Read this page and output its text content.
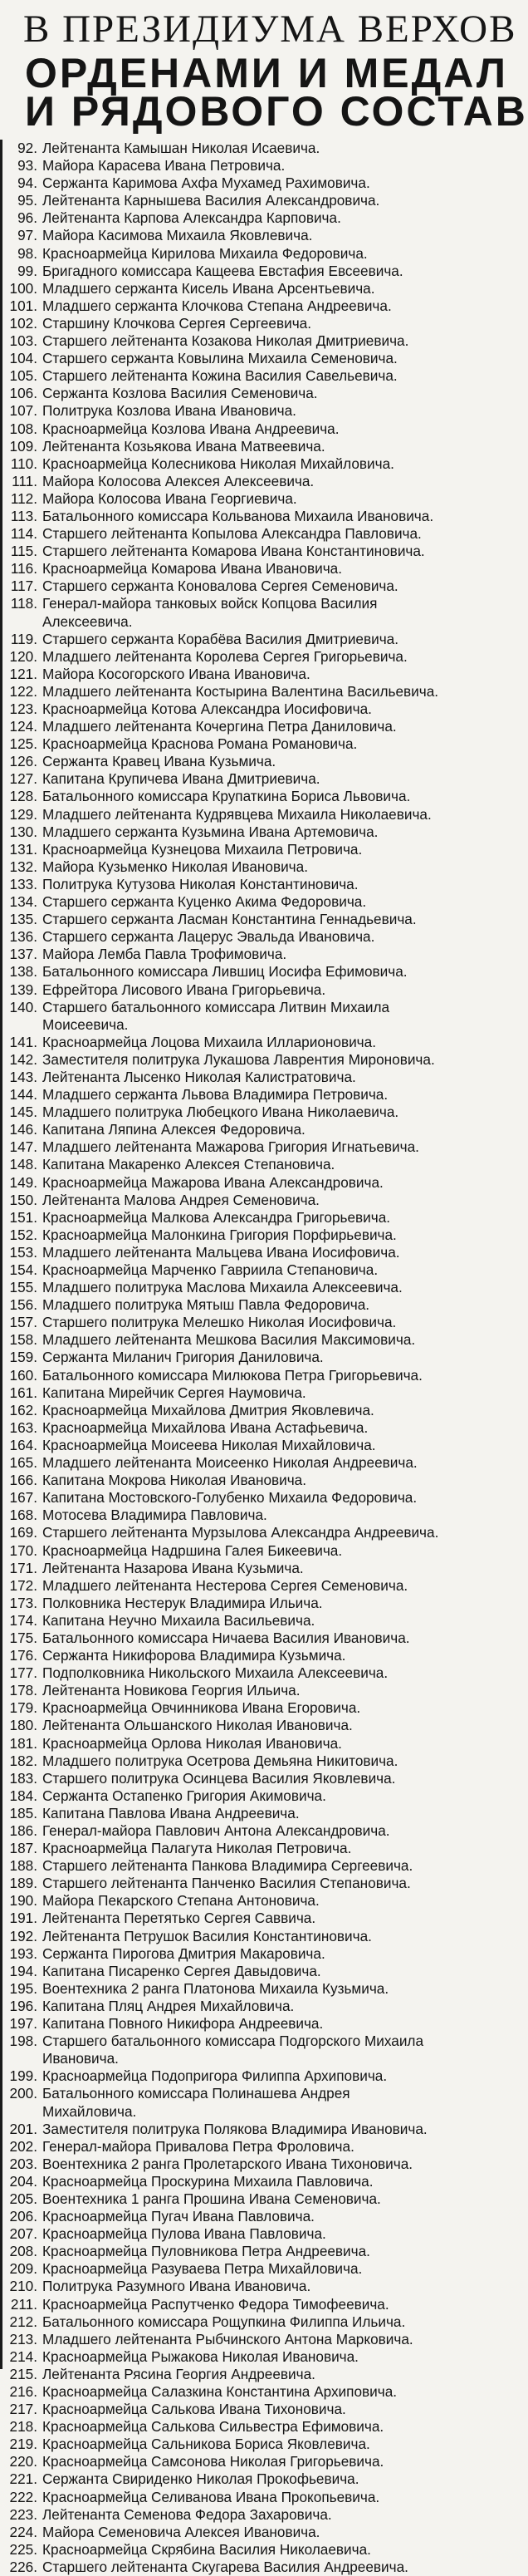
В ПРЕЗИДИУМА ВЕРХОВ
ОРДЕНАМИ И МЕДАЛ
И РЯДОВОГО СОСТАВ
92. Лейтенанта Камышан Николая Исаевича.
93. Майора Карасева Ивана Петровича.
94. Сержанта Каримова Ахфа Мухамед Рахимовича.
95. Лейтенанта Карнышева Василия Александровича.
96. Лейтенанта Карпова Александра Карповича.
97. Майора Касимова Михаила Яковлевича.
98. Красноармейца Кирилова Михаила Федоровича.
99. Бригадного комиссара Кащеева Евстафия Евсеевича.
100. Младшего сержанта Кисель Ивана Арсентьевича.
101. Младшего сержанта Клочкова Степана Андреевича.
102. Старшину Клочкова Сергея Сергеевича.
103. Старшего лейтенанта Козакова Николая Дмитриевича.
104. Старшего сержанта Ковылина Михаила Семеновича.
105. Старшего лейтенанта Кожина Василия Савельевича.
106. Сержанта Козлова Василия Семеновича.
107. Политрука Козлова Ивана Ивановича.
108. Красноармейца Козлова Ивана Андреевича.
109. Лейтенанта Козьякова Ивана Матвеевича.
110. Красноармейца Колесникова Николая Михайловича.
111. Майора Колосова Алексея Алексеевича.
112. Майора Колосова Ивана Георгиевича.
113. Батальонного комиссара Кольванова Михаила Ивановича.
114. Старшего лейтенанта Копылова Александра Павловича.
115. Старшего лейтенанта Комарова Ивана Константиновича.
116. Красноармейца Комарова Ивана Ивановича.
117. Старшего сержанта Коновалова Сергея Семеновича.
118. Генерал-майора танковых войск Копцова Василия Алексеевича.
119. Старшего сержанта Корабёва Василия Дмитриевича.
120. Младшего лейтенанта Королева Сергея Григорьевича.
121. Майора Косогорского Ивана Ивановича.
122. Младшего лейтенанта Костырина Валентина Васильевича.
123. Красноармейца Котова Александра Иосифовича.
124. Младшего лейтенанта Кочергина Петра Даниловича.
125. Красноармейца Краснова Романа Романовича.
126. Сержанта Кравец Ивана Кузьмича.
127. Капитана Крупичева Ивана Дмитриевича.
128. Батальонного комиссара Крупаткина Бориса Львовича.
129. Младшего лейтенанта Кудрявцева Михаила Николаевича.
130. Младшего сержанта Кузьмина Ивана Артемовича.
131. Красноармейца Кузнецова Михаила Петровича.
132. Майора Кузьменко Николая Ивановича.
133. Политрука Кутузова Николая Константиновича.
134. Старшего сержанта Куценко Акима Федоровича.
135. Старшего сержанта Ласман Константина Геннадьевича.
136. Старшего сержанта Лацерус Эвальда Ивановича.
137. Майора Лемба Павла Трофимовича.
138. Батальонного комиссара Лившиц Иосифа Ефимовича.
139. Ефрейтора Лисового Ивана Григорьевича.
140. Старшего батальонного комиссара Литвин Михаила Моисеевича.
141. Красноармейца Лоцова Михаила Илларионовича.
142. Заместителя политрука Лукашова Лаврентия Мироновича.
143. Лейтенанта Лысенко Николая Калистратовича.
144. Младшего сержанта Львова Владимира Петровича.
145. Младшего политрука Любецкого Ивана Николаевича.
146. Капитана Ляпина Алексея Федоровича.
147. Младшего лейтенанта Мажарова Григория Игнатьевича.
148. Капитана Макаренко Алексея Степановича.
149. Красноармейца Мажарова Ивана Александровича.
150. Лейтенанта Малова Андрея Семеновича.
151. Красноармейца Малкова Александра Григорьевича.
152. Красноармейца Малонкина Григория Порфирьевича.
153. Младшего лейтенанта Мальцева Ивана Иосифовича.
154. Красноармейца Марченко Гавриила Степановича.
155. Младшего политрука Маслова Михаила Алексеевича.
156. Младшего политрука Мятыш Павла Федоровича.
157. Старшего политрука Мелешко Николая Иосифовича.
158. Младшего лейтенанта Мешкова Василия Максимовича.
159. Сержанта Миланич Григория Даниловича.
160. Батальонного комиссара Милюкова Петра Григорьевича.
161. Капитана Мирейчик Сергея Наумовича.
162. Красноармейца Михайлова Дмитрия Яковлевича.
163. Красноармейца Михайлова Ивана Астафьевича.
164. Красноармейца Моисеева Николая Михайловича.
165. Младшего лейтенанта Моисеенко Николая Андреевича.
166. Капитана Мокрова Николая Ивановича.
167. Капитана Мостовского-Голубенко Михаила Федоровича.
168. Мотосева Владимира Павловича.
169. Старшего лейтенанта Мурзылова Александра Андреевича.
170. Красноармейца Надршина Галея Бикеевича.
171. Лейтенанта Назарова Ивана Кузьмича.
172. Младшего лейтенанта Нестерова Сергея Семеновича.
173. Полковника Нестерук Владимира Ильича.
174. Капитана Неучно Михаила Васильевича.
175. Батальонного комиссара Ничаева Василия Ивановича.
176. Сержанта Никифорова Владимира Кузьмича.
177. Подполковника Никольского Михаила Алексеевича.
178. Лейтенанта Новикова Георгия Ильича.
179. Красноармейца Овчинникова Ивана Егоровича.
180. Лейтенанта Ольшанского Николая Ивановича.
181. Красноармейца Орлова Николая Ивановича.
182. Младшего политрука Осетрова Демьяна Никитовича.
183. Старшего политрука Осинцева Василия Яковлевича.
184. Сержанта Остапенко Григория Акимовича.
185. Капитана Павлова Ивана Андреевича.
186. Генерал-майора Павлович Антона Александровича.
187. Красноармейца Палагута Николая Петровича.
188. Старшего лейтенанта Панкова Владимира Сергеевича.
189. Старшего лейтенанта Панченко Василия Степановича.
190. Майора Пекарского Степана Антоновича.
191. Лейтенанта Перетятько Сергея Саввича.
192. Лейтенанта Петрушок Василия Константиновича.
193. Сержанта Пирогова Дмитрия Макаровича.
194. Капитана Писаренко Сергея Давыдовича.
195. Воентехника 2 ранга Платонова Михаила Кузьмича.
196. Капитана Пляц Андрея Михайловича.
197. Капитана Повного Никифора Андреевича.
198. Старшего батальонного комиссара Подгорского Михаила Ивановича.
199. Красноармейца Подопригора Филиппа Архиповича.
200. Батальонного комиссара Полинашева Андрея Михайловича.
201. Заместителя политрука Полякова Владимира Ивановича.
202. Генерал-майора Привалова Петра Фроловича.
203. Воентехника 2 ранга Пролетарского Ивана Тихоновича.
204. Красноармейца Проскурина Михаила Павловича.
205. Воентехника 1 ранга Прошина Ивана Семеновича.
206. Красноармейца Пугач Ивана Павловича.
207. Красноармейца Пулова Ивана Павловича.
208. Красноармейца Пуловникова Петра Андреевича.
209. Красноармейца Разуваева Петра Михайловича.
210. Политрука Разумного Ивана Ивановича.
211. Красноармейца Распутченко Федора Тимофеевича.
212. Батальонного комиссара Рощупкина Филиппа Ильича.
213. Младшего лейтенанта Рыбчинского Антона Марковича.
214. Красноармейца Рыжакова Николая Ивановича.
215. Лейтенанта Рясина Георгия Андреевича.
216. Красноармейца Салазкина Константина Архиповича.
217. Красноармейца Салькова Ивана Тихоновича.
218. Красноармейца Салькова Сильвестра Ефимовича.
219. Красноармейца Сальникова Бориса Яковлевича.
220. Красноармейца Самсонова Николая Григорьевича.
221. Сержанта Свириденко Николая Прокофьевича.
222. Красноармейца Селиванова Ивана Прокопьевича.
223. Лейтенанта Семенова Федора Захаровича.
224. Майора Семеновича Алексея Ивановича.
225. Красноармейца Скрябина Василия Николаевича.
226. Старшего лейтенанта Скугарева Василия Андреевича.
